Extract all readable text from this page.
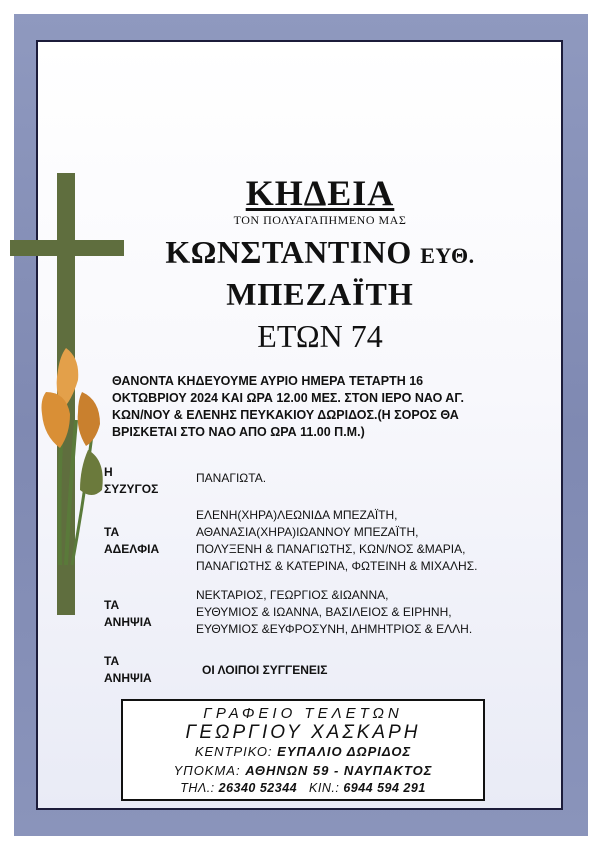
ΚΗΔΕΙΑ
ΤΟΝ ΠΟΛΥΑΓΑΠΗΜΕΝΟ ΜΑΣ
ΚΩΝΣΤΑΝΤΙΝΟ ΕΥΘ.
ΜΠΕΖΑΪΤΗ
ΕΤΩΝ 74
ΘΑΝΟΝΤΑ ΚΗΔΕΥΟΥΜΕ ΑΥΡΙΟ ΗΜΕΡΑ ΤΕΤΑΡΤΗ 16
ΟΚΤΩΒΡΙΟΥ 2024 ΚΑΙ ΩΡΑ 12.00 ΜΕΣ. ΣΤΟΝ ΙΕΡΟ ΝΑΟ ΑΓ.
ΚΩΝ/ΝΟΥ & ΕΛΕΝΗΣ ΠΕΥΚΑΚΙΟΥ ΔΩΡΙΔΟΣ.(Η ΣΟΡΟΣ ΘΑ
ΒΡΙΣΚΕΤΑΙ ΣΤΟ ΝΑΟ ΑΠΟ ΩΡΑ 11.00 Π.Μ.)
Η
ΣΥΖΥΓΟΣ
ΠΑΝΑΓΙΩΤΑ.
ΤΑ
ΑΔΕΛΦΙΑ
ΕΛΕΝΗ(ΧΗΡΑ)ΛΕΩΝΙΔΑ ΜΠΕΖΑΪΤΗ,
ΑΘΑΝΑΣΙΑ(ΧΗΡΑ)ΙΩΑΝΝΟΥ ΜΠΕΖΑΪΤΗ,
ΠΟΛΥΞΕΝΗ & ΠΑΝΑΓΙΩΤΗΣ, ΚΩΝ/ΝΟΣ &ΜΑΡΙΑ,
ΠΑΝΑΓΙΩΤΗΣ & ΚΑΤΕΡΙΝΑ, ΦΩΤΕΙΝΗ & ΜΙΧΑΛΗΣ.
ΤΑ
ΑΝΗΨΙΑ
ΝΕΚΤΑΡΙΟΣ, ΓΕΩΡΓΙΟΣ &ΙΩΑΝΝΑ,
ΕΥΘΥΜΙΟΣ & ΙΩΑΝΝΑ, ΒΑΣΙΛΕΙΟΣ & ΕΙΡΗΝΗ,
ΕΥΘΥΜΙΟΣ &ΕΥΦΡΟΣΥΝΗ, ΔΗΜΗΤΡΙΟΣ & ΕΛΛΗ.
ΤΑ
ΑΝΗΨΙΑ
ΟΙ ΛΟΙΠΟΙ ΣΥΓΓΕΝΕΙΣ
ΓΡΑΦΕΙΟ ΤΕΛΕΤΩΝ
ΓΕΩΡΓΙΟΥ ΧΑΣΚΑΡΗ
ΚΕΝΤΡΙΚΟ: ΕΥΠΑΛΙΟ ΔΩΡΙΔΟΣ
ΥΠΟΚΜΑ: ΑΘΗΝΩΝ 59 - ΝΑΥΠΑΚΤΟΣ
ΤΗΛ.: 26340 52344 ΚΙΝ.: 6944 594 291
